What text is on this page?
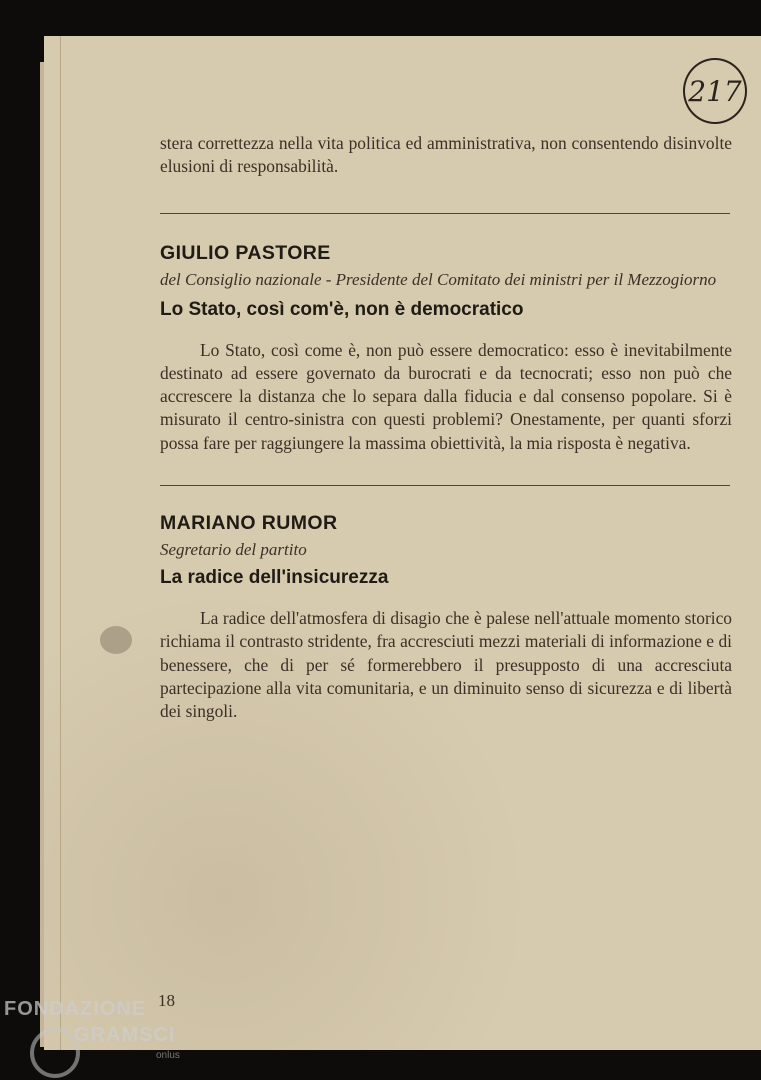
217

stera correttezza nella vita politica ed amministrativa, non consentendo disinvolte elusioni di responsabilità.

GIULIO PASTORE

del Consiglio nazionale - Presidente del Comitato dei ministri per il Mezzogiorno

Lo Stato, così com'è, non è democratico

Lo Stato, così come è, non può essere democratico: esso è inevitabilmente destinato ad essere governato da burocrati e da tecnocrati; esso non può che accrescere la distanza che lo separa dalla fiducia e dal consenso popolare. Si è misurato il centro-sinistra con questi problemi? Onestamente, per quanti sforzi possa fare per raggiungere la massima obiettività, la mia risposta è negativa.

MARIANO RUMOR

Segretario del partito

La radice dell'insicurezza

La radice dell'atmosfera di disagio che è palese nell'attuale momento storico richiama il contrasto stridente, fra accresciuti mezzi materiali di informazione e di benessere, che di per sé formerebbero il presupposto di una accresciuta partecipazione alla vita comunitaria, e un diminuito senso di sicurezza e di libertà dei singoli.

18
FONDAZIONE
GRAMSCI
onlus
